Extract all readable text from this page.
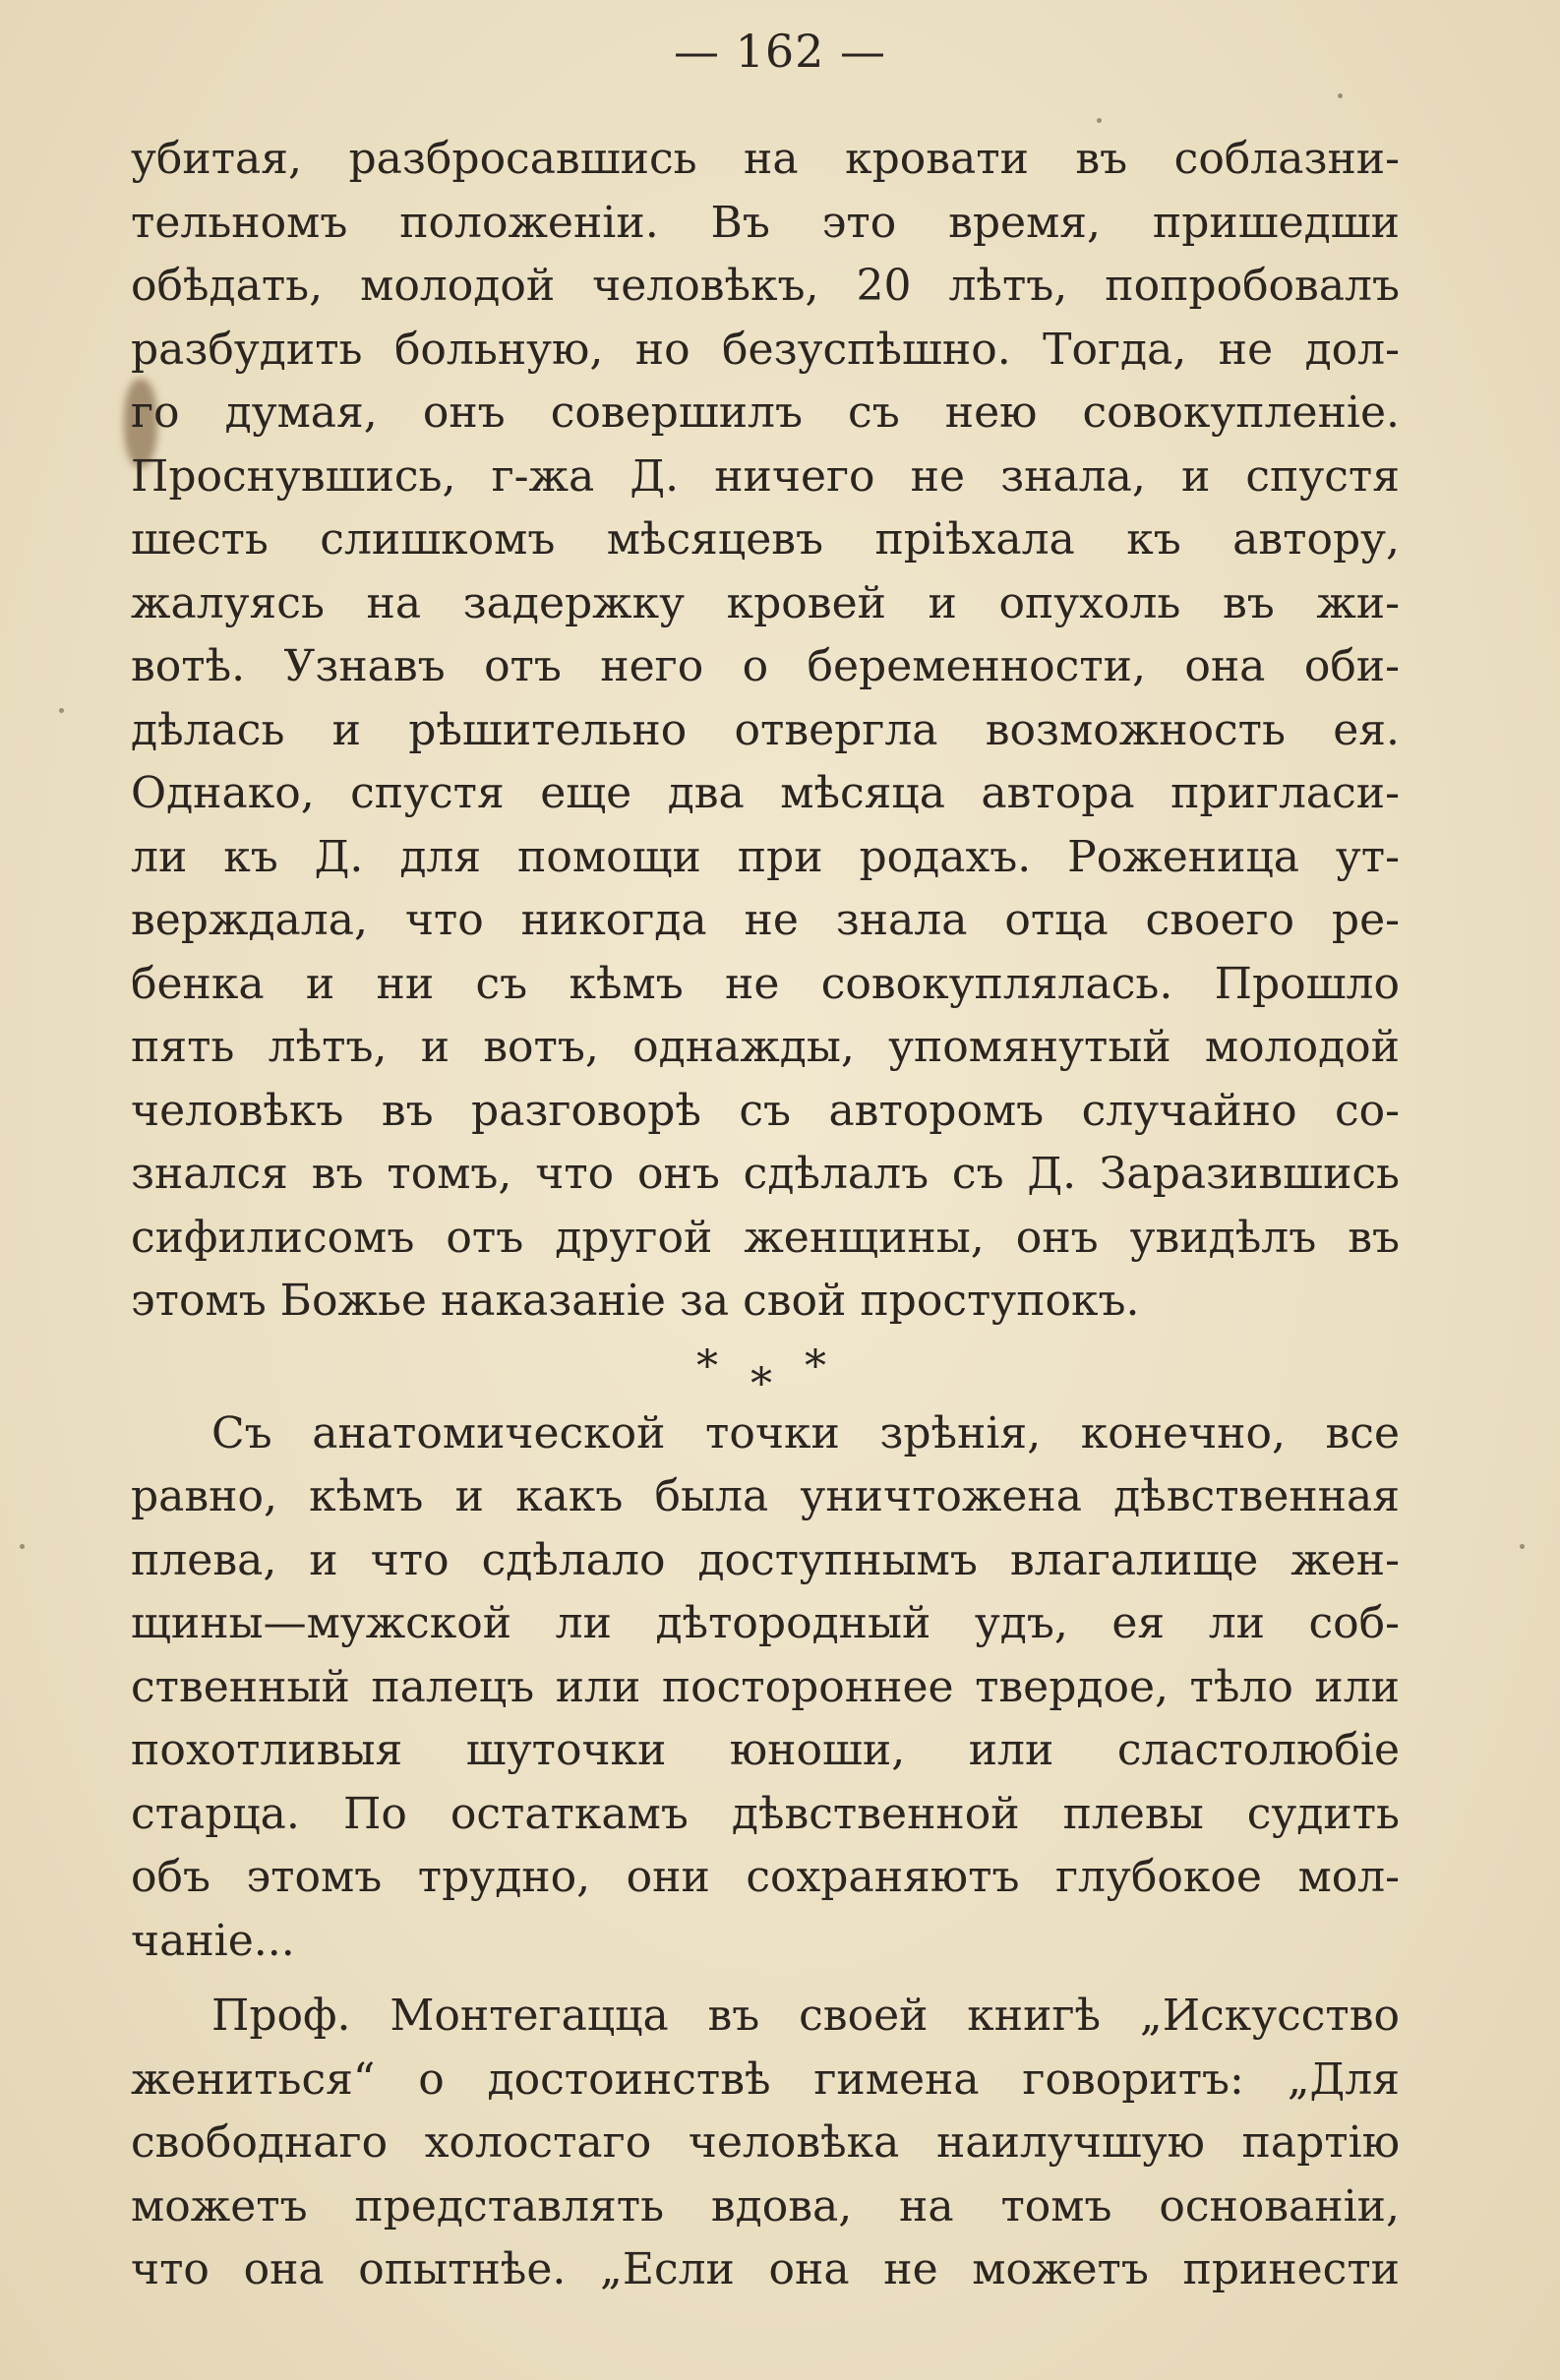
— 162 —
убитая, разбросавшись на кровати въ соблазни-
тельномъ положеніи. Въ это время, пришедши
обѣдать, молодой человѣкъ, 20 лѣтъ, попробовалъ
разбудить больную, но безуспѣшно. Тогда, не дол-
го думая, онъ совершилъ съ нею совокупленіе.
Проснувшись, г-жа Д. ничего не знала, и спустя
шесть слишкомъ мѣсяцевъ пріѣхала къ автору,
жалуясь на задержку кровей и опухоль въ жи-
вотѣ. Узнавъ отъ него о беременности, она оби-
дѣлась и рѣшительно отвергла возможность ея.
Однако, спустя еще два мѣсяца автора пригласи-
ли къ Д. для помощи при родахъ. Роженица ут-
верждала, что никогда не знала отца своего ре-
бенка и ни съ кѣмъ не совокуплялась. Прошло
пять лѣтъ, и вотъ, однажды, упомянутый молодой
человѣкъ въ разговорѣ съ авторомъ случайно со-
знался въ томъ, что онъ сдѣлалъ съ Д. Заразившись
сифилисомъ отъ другой женщины, онъ увидѣлъ въ
этомъ Божье наказаніе за свой проступокъ.
* * *
Съ анатомической точки зрѣнія, конечно, все
равно, кѣмъ и какъ была уничтожена дѣвственная
плева, и что сдѣлало доступнымъ влагалище жен-
щины—мужской ли дѣтородный удъ, ея ли соб-
ственный палецъ или постороннее твердое, тѣло или
похотливыя шуточки юноши, или сластолюбіе
старца. По остаткамъ дѣвственной плевы судить
объ этомъ трудно, они сохраняютъ глубокое мол-
чаніе...
Проф. Монтегацца въ своей книгѣ „Искусство
жениться“ о достоинствѣ гимена говоритъ: „Для
свободнаго холостаго человѣка наилучшую партію
можетъ представлять вдова, на томъ основаніи,
что она опытнѣе. „Если она не можетъ принести
